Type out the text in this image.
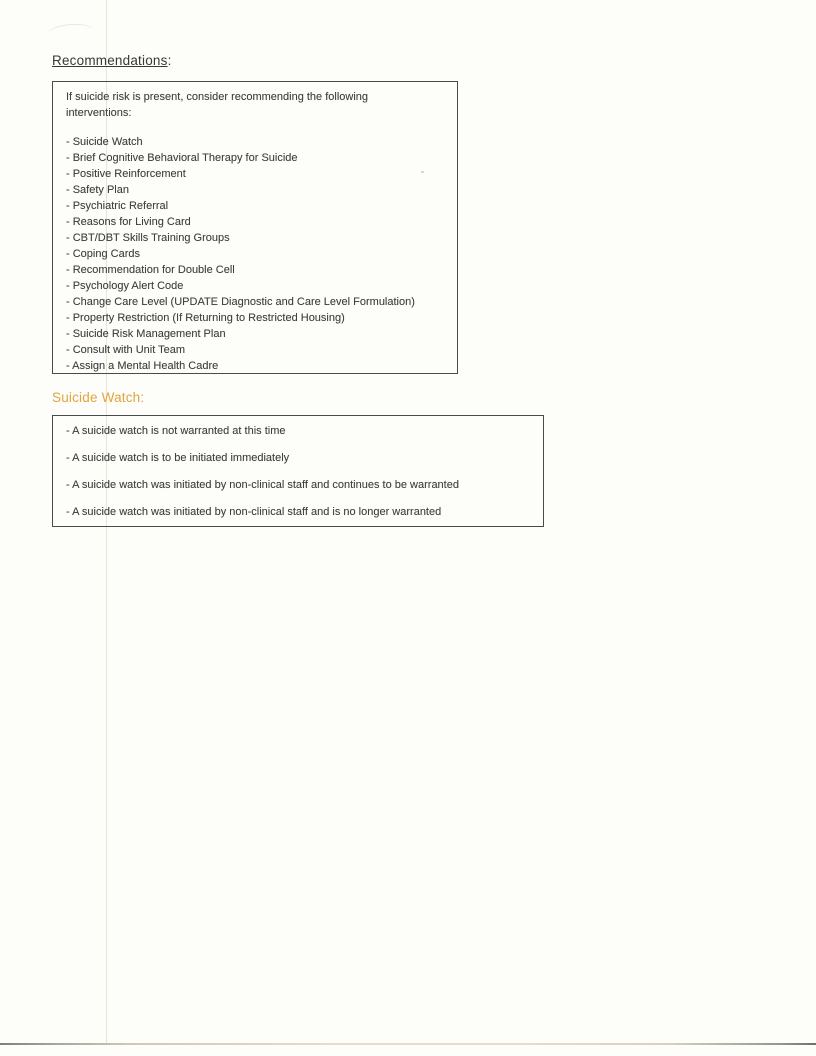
Recommendations:
If suicide risk is present, consider recommending the following
interventions:
- Suicide Watch
- Brief Cognitive Behavioral Therapy for Suicide
- Positive Reinforcement
- Safety Plan
- Psychiatric Referral
- Reasons for Living Card
- CBT/DBT Skills Training Groups
- Coping Cards
- Recommendation for Double Cell
- Psychology Alert Code
- Change Care Level (UPDATE Diagnostic and Care Level Formulation)
- Property Restriction (If Returning to Restricted Housing)
- Suicide Risk Management Plan
- Consult with Unit Team
- Assign a Mental Health Cadre
Suicide Watch:
- A suicide watch is not warranted at this time
- A suicide watch is to be initiated immediately
- A suicide watch was initiated by non-clinical staff and continues to be warranted
- A suicide watch was initiated by non-clinical staff and is no longer warranted
